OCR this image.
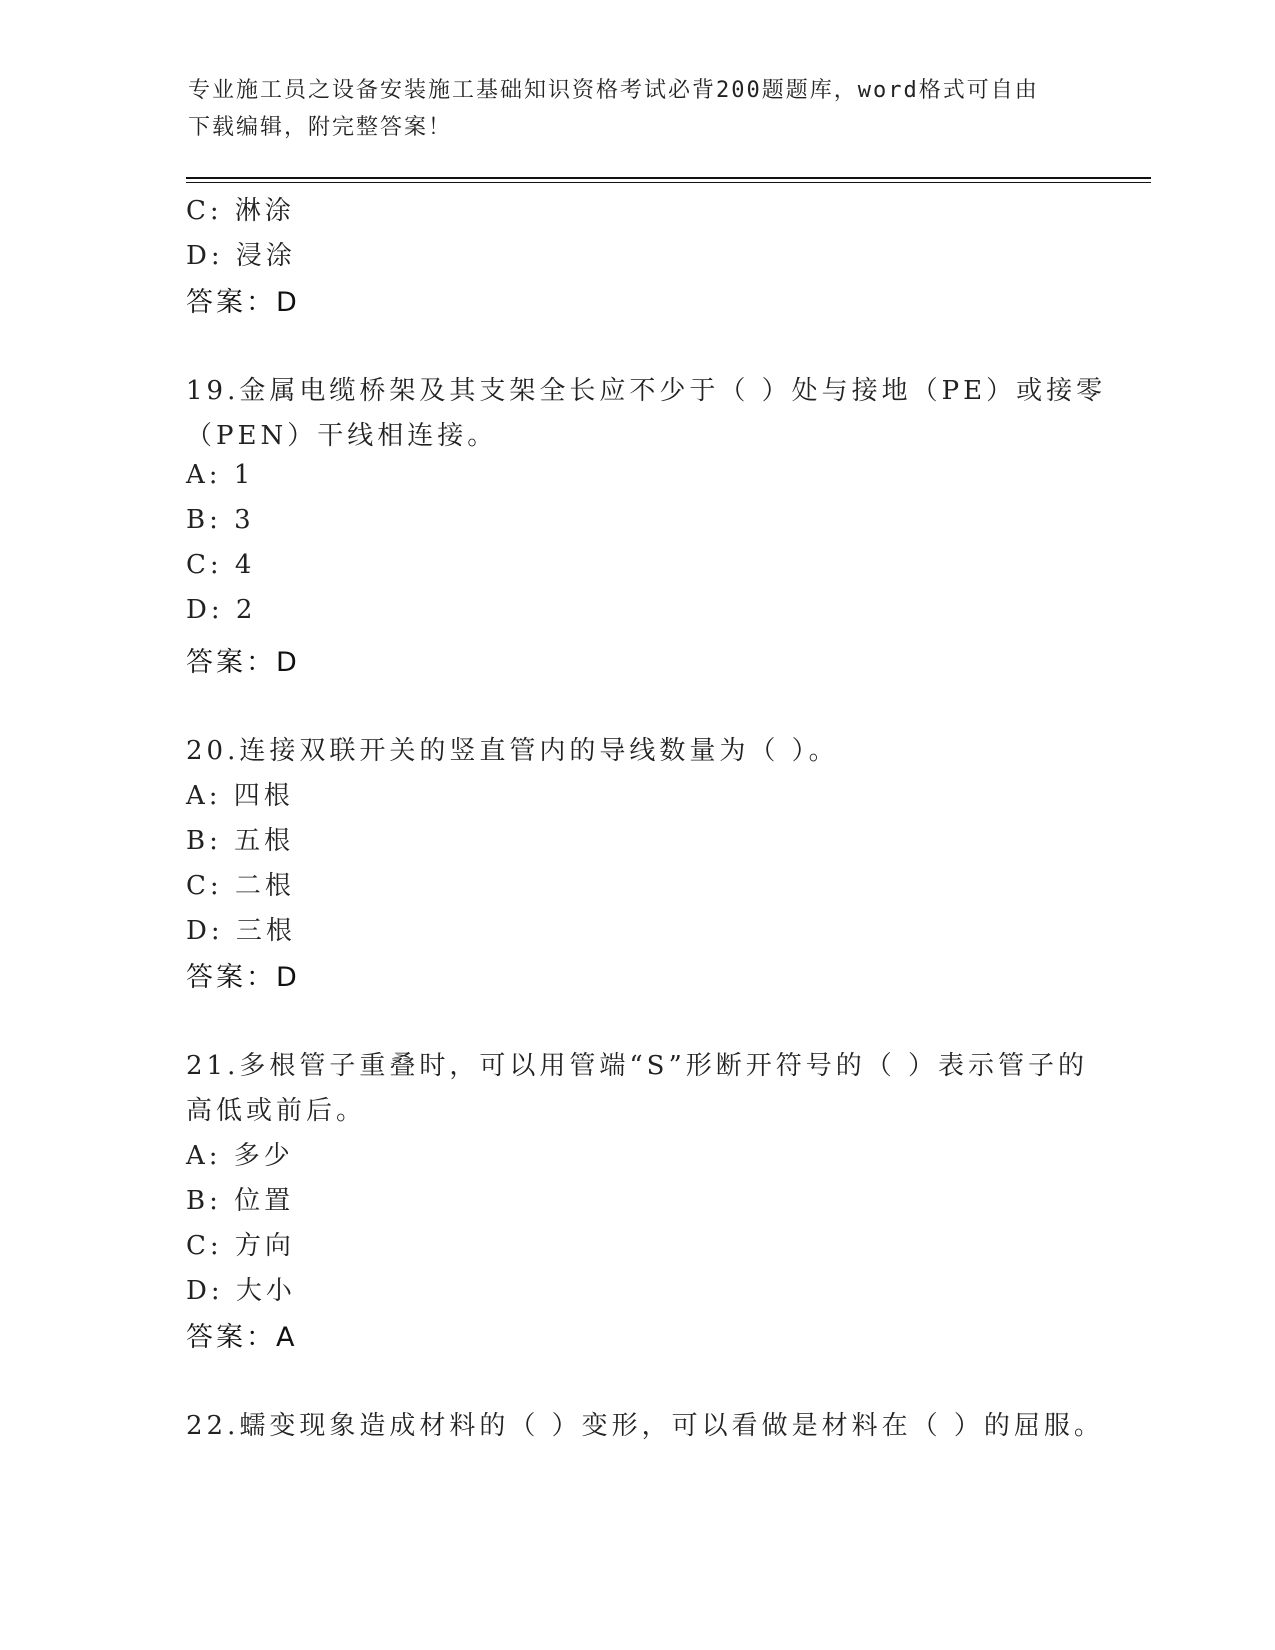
专业施工员之设备安装施工基础知识资格考试必背200题题库，word格式可自由
下载编辑，附完整答案！
C: 淋涂
D: 浸涂
答案：D
19.金属电缆桥架及其支架全长应不少于（ ）处与接地（PE）或接零
（PEN）干线相连接。
A: 1
B: 3
C: 4
D: 2
答案：D
20.连接双联开关的竖直管内的导线数量为（ ）。
A: 四根
B: 五根
C: 二根
D: 三根
答案：D
21.多根管子重叠时，可以用管端“S”形断开符号的（ ）表示管子的
高低或前后。
A: 多少
B: 位置
C: 方向
D: 大小
答案：A
22.蠕变现象造成材料的（ ）变形，可以看做是材料在（ ）的屈服。
